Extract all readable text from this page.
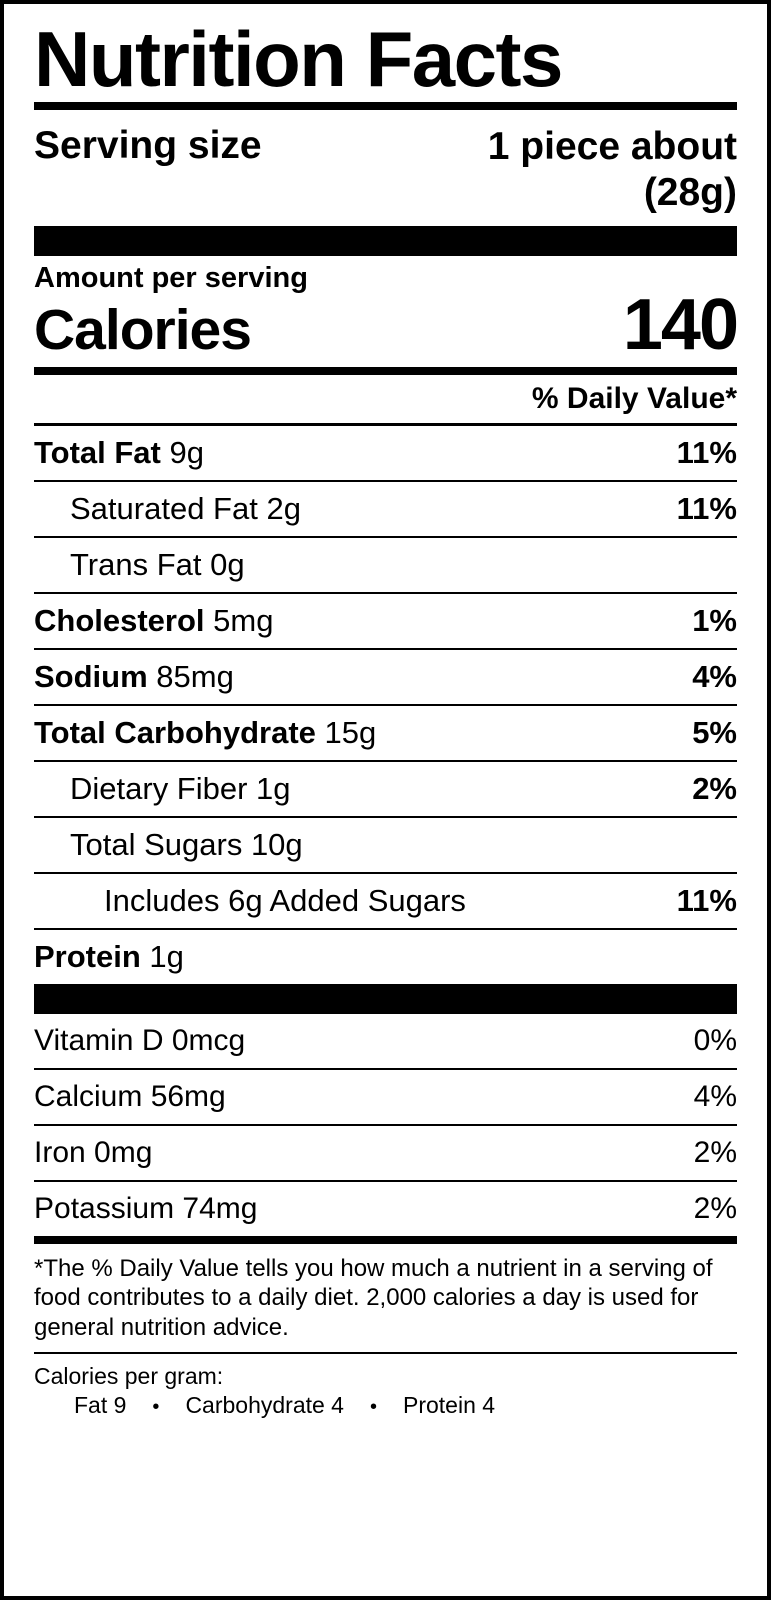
Nutrition Facts
Serving size	1 piece about
(28g)
Amount per serving
Calories	140
% Daily Value*
Total Fat 9g	11%
Saturated Fat 2g	11%
Trans Fat 0g
Cholesterol 5mg	1%
Sodium 85mg	4%
Total Carbohydrate 15g	5%
Dietary Fiber 1g	2%
Total Sugars 10g
Includes 6g Added Sugars	11%
Protein 1g
Vitamin D 0mcg	0%
Calcium 56mg	4%
Iron 0mg	2%
Potassium 74mg	2%
*The % Daily Value tells you how much a nutrient in a serving of food contributes to a daily diet. 2,000 calories a day is used for general nutrition advice.
Calories per gram:
Fat 9 • Carbohydrate 4 • Protein 4
